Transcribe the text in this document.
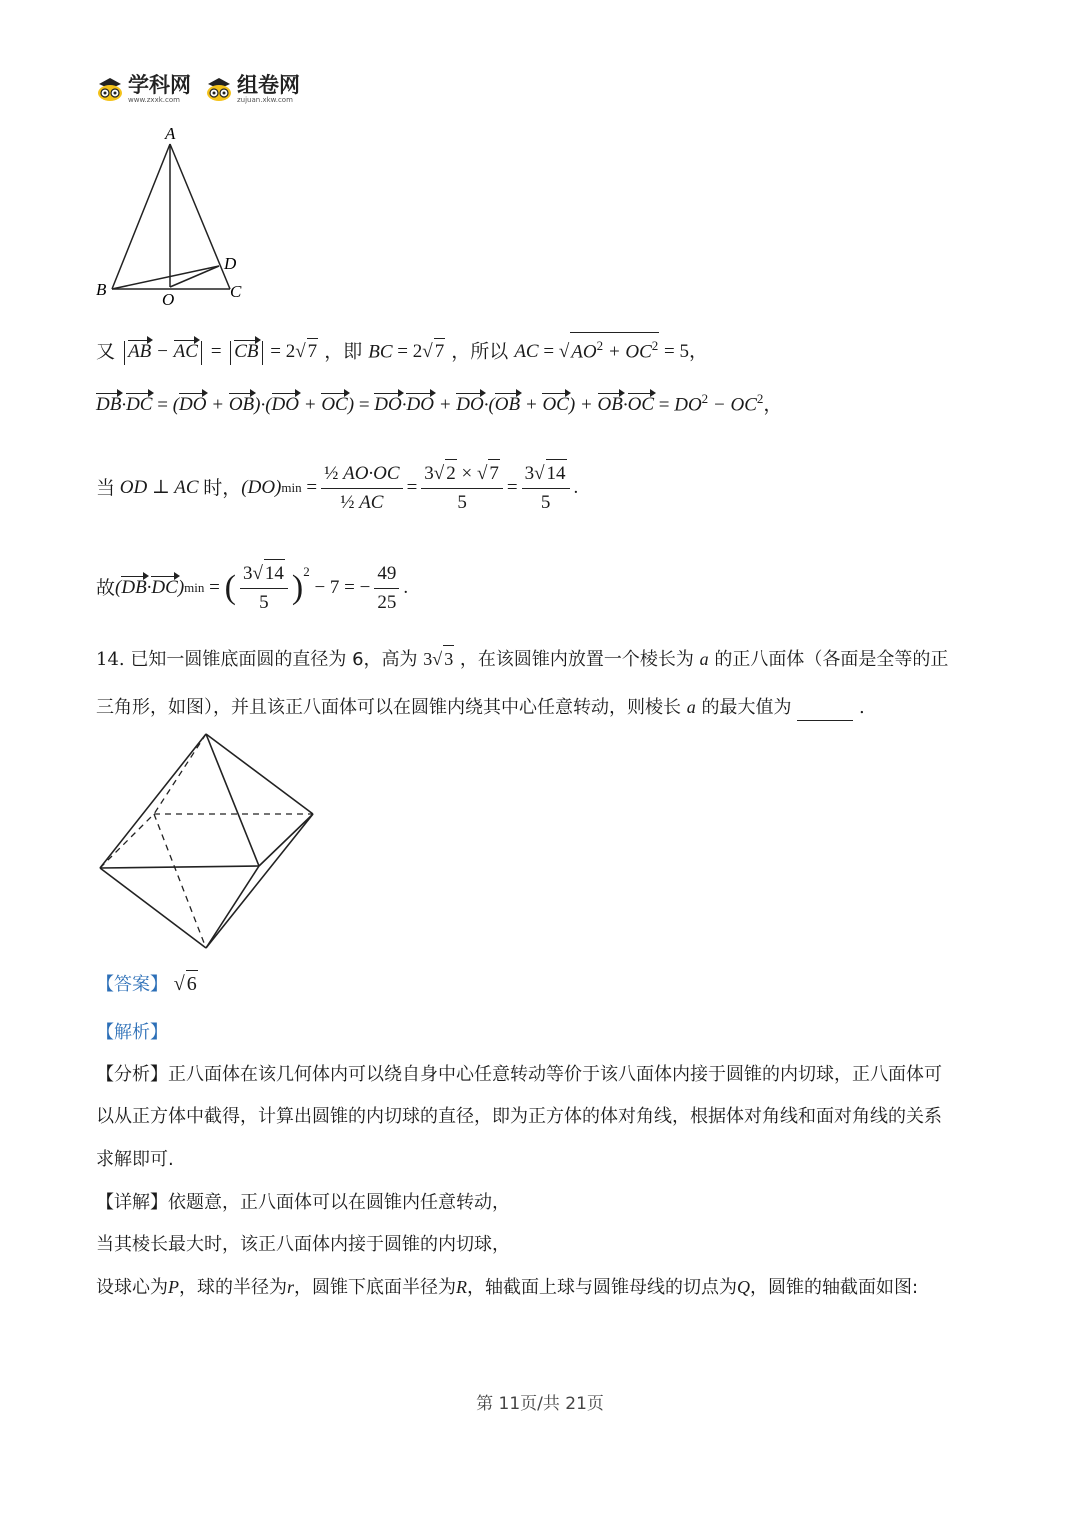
学科网
www.zxxk.com
组卷网
zujuan.xkw.com
A
B	C
D
O
又 AB − AC = CB = 2√ 7 ，即 BC = 2√ 7 ，所以 AC = √ $AO^2 + OC^2 = 5$，
$DB\cdot DC = (DO + OB)\cdot(DO + OC) = DO\cdot DO + DO\cdot(OB + OC) + OB\cdot OC = DO^2 - OC^2$，
当 OD ⊥ AC 时， (DO) $\min = \frac{\text{½ AO·OC}}{\text{½ AC}} = \frac{3√ 2 \times √ 7}{5} = \frac{3√ 14}{5}$ .
故 ( DB · DC ) min = ( $\frac{3√ 14}{5} )^2$
− 7 = − $\frac{49}{25}$ .
14. 已知一圆锥底面圆的直径为 6，高为 3√ 3 ，在该圆锥内放置一个棱长为 a 的正八面体（各面是全等的正
三角形，如图），并且该正八面体可以在圆锥内绕其中心任意转动，则棱长 a 的最大值为	.
【答案】 √ 6
【解析】
【分析】正八面体在该几何体内可以绕自身中心任意转动等价于该八面体内接于圆锥的内切球，正八面体可
以从正方体中截得，计算出圆锥的内切球的直径，即为正方体的体对角线，根据体对角线和面对角线的关系
求解即可.
【详解】依题意，正八面体可以在圆锥内任意转动，
当其棱长最大时，该正八面体内接于圆锥的内切球，
设球心为P，球的半径为r，圆锥下底面半径为R，轴截面上球与圆锥母线的切点为Q，圆锥的轴截面如图:
第 11页/共 21页
